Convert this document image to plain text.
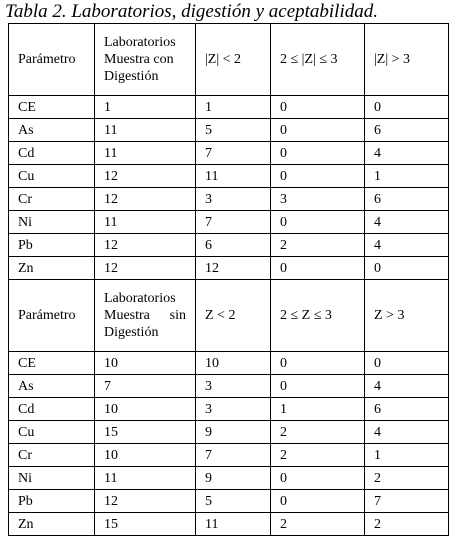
Tabla 2. Laboratorios, digestión y aceptabilidad.
Parámetro	Laboratorios
Muestra con
Digestión	|Z| < 2	2 ≤ |Z| ≤ 3	|Z| > 3
CE	1	1	0	0
As	11	5	0	6
Cd	11	7	0	4
Cu	12	11	0	1
Cr	12	3	3	6
Ni	11	7	0	4
Pb	12	6	2	4
Zn	12	12	0	0
Parámetro	Laboratorios
Muestra sin
Digestión	Z < 2	2 ≤ Z ≤ 3	Z > 3
CE	10	10	0	0
As	7	3	0	4
Cd	10	3	1	6
Cu	15	9	2	4
Cr	10	7	2	1
Ni	11	9	0	2
Pb	12	5	0	7
Zn	15	11	2	2
